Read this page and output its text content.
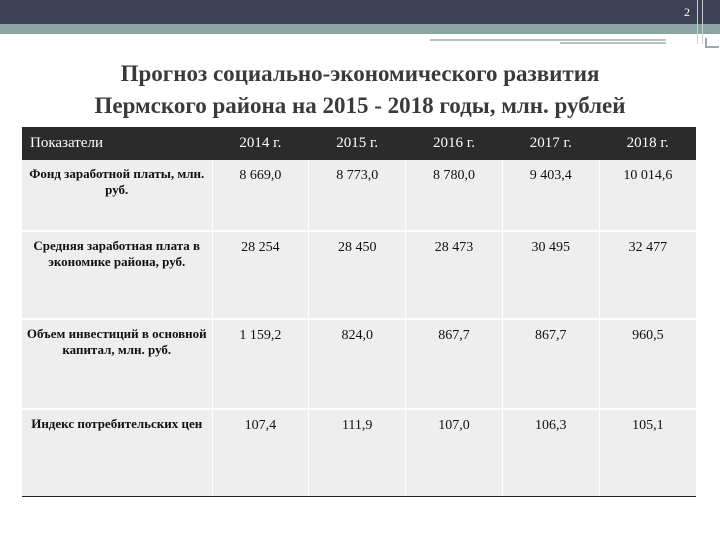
2
Прогноз социально-экономического развития
Пермского района на 2015 - 2018 годы, млн. рублей
Показатели	2014 г.	2015 г.	2016 г.	2017 г.	2018 г.
Фонд заработной платы, млн. руб.	8 669,0	8 773,0	8 780,0	9 403,4	10 014,6
Средняя заработная плата в экономике района, руб.	28 254	28 450	28 473	30 495	32 477
Объем инвестиций в основной капитал, млн. руб.	1 159,2	824,0	867,7	867,7	960,5
Индекс потребительских цен	107,4	111,9	107,0	106,3	105,1
